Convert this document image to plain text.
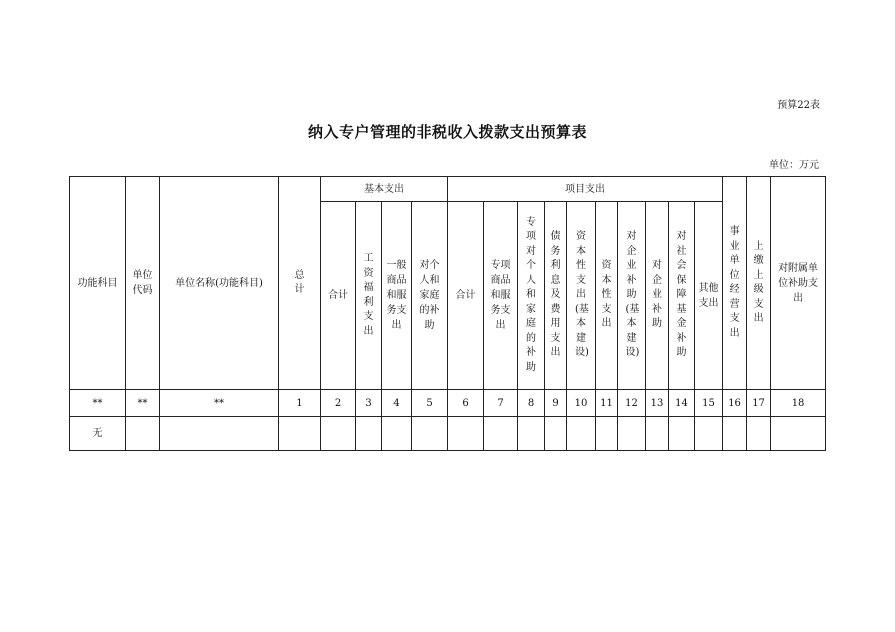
预算22表
纳入专户管理的非税收入拨款支出预算表
单位：万元
功能科目	单位代码	单位名称(功能科目)	总计	基本支出				项目支出										事业单位经营支出	上缴上级支出	对附属单位补助支出
				合计	工资福利支出	一般商品和服务支出	对个人和家庭的补助	合计	专项商品和服务支出	专项对个人和家庭的补助	债务利息及费用支出	资本性支出(基本建设)	资本性支出	对企业补助(基本建设)	对企业补助	对社会保障基金补助	其他支出			
**	**	**	1	2	3	4	5	6	7	8	9	10	11	12	13	14	15	16	17	18
无																				
